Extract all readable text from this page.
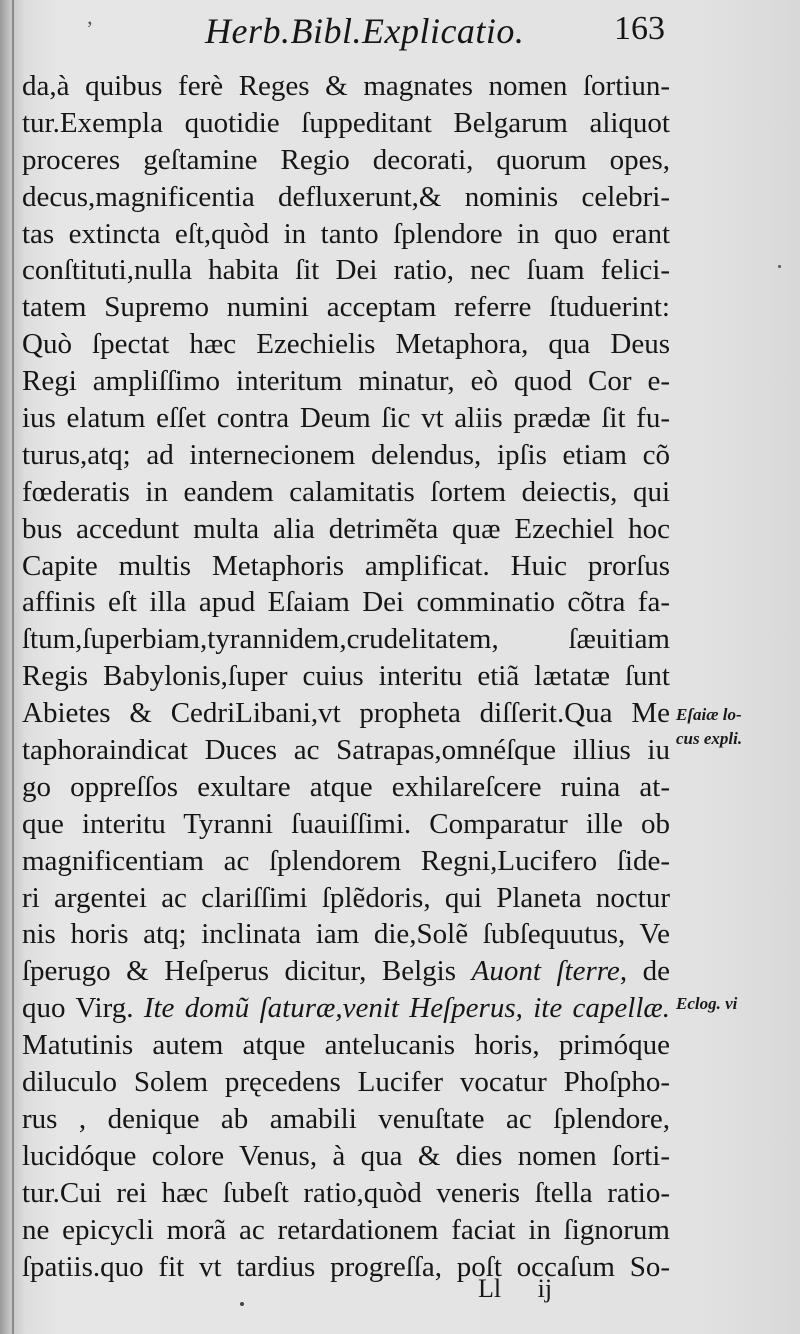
’	Herb.Bibl.Explicatio.	163
da,à quibus ferè Reges & magnates nomen ſortiun-
tur.Exempla quotidie ſuppeditant Belgarum aliquot
proceres geſtamine Regio decorati, quorum opes,
decus,magnificentia defluxerunt,& nominis celebri-
tas extincta eſt,quòd in tanto ſplendore in quo erant
conſtituti,nulla habita ſit Dei ratio, nec ſuam felici-
tatem Supremo numini acceptam referre ſtuduerint:
Quò ſpectat hæc Ezechielis Metaphora, qua Deus
Regi ampliſſimo interitum minatur, eò quod Cor e-
ius elatum eſſet contra Deum ſic vt aliis prædæ ſit fu-
turus,atq; ad internecionem delendus, ipſis etiam cõ
fœderatis in eandem calamitatis ſortem deiectis, qui
bus accedunt multa alia detrimẽta quæ Ezechiel hoc
Capite multis Metaphoris amplificat. Huic prorſus
affinis eſt illa apud Eſaiam Dei comminatio cõtra fa-
ſtum,ſuperbiam,tyrannidem,crudelitatem, ſæuitiam
Regis Babylonis,ſuper cuius interitu etiã lætatæ ſunt
Abietes & CedriLibani,vt propheta diſſerit.Qua Me
taphoraindicat Duces ac Satrapas,omnéſque illius iu
go oppreſſos exultare atque exhilareſcere ruina at-
que interitu Tyranni ſuauiſſimi. Comparatur ille ob
magnificentiam ac ſplendorem Regni,Lucifero ſide-
ri argentei ac clariſſimi ſplẽdoris, qui Planeta noctur
nis horis atq; inclinata iam die,Solẽ ſubſequutus, Ve
ſperugo & Heſperus dicitur, Belgis Auont ſterre, de
quo Virg. Ite domũ ſaturæ,venit Heſperus, ite capellæ.
Matutinis autem atque antelucanis horis, primóque
diluculo Solem pręcedens Lucifer vocatur Phoſpho-
rus , denique ab amabili venuſtate ac ſplendore,
lucidóque colore Venus, à qua & dies nomen ſorti-
tur.Cui rei hæc ſubeſt ratio,quòd veneris ſtella ratio-
ne epicycli morã ac retardationem faciat in ſignorum
ſpatiis.quo fit vt tardius progreſſa, poſt occaſum So-
Eſaiæ lo-
cus expli.
Eclog. vi
Ll ij
